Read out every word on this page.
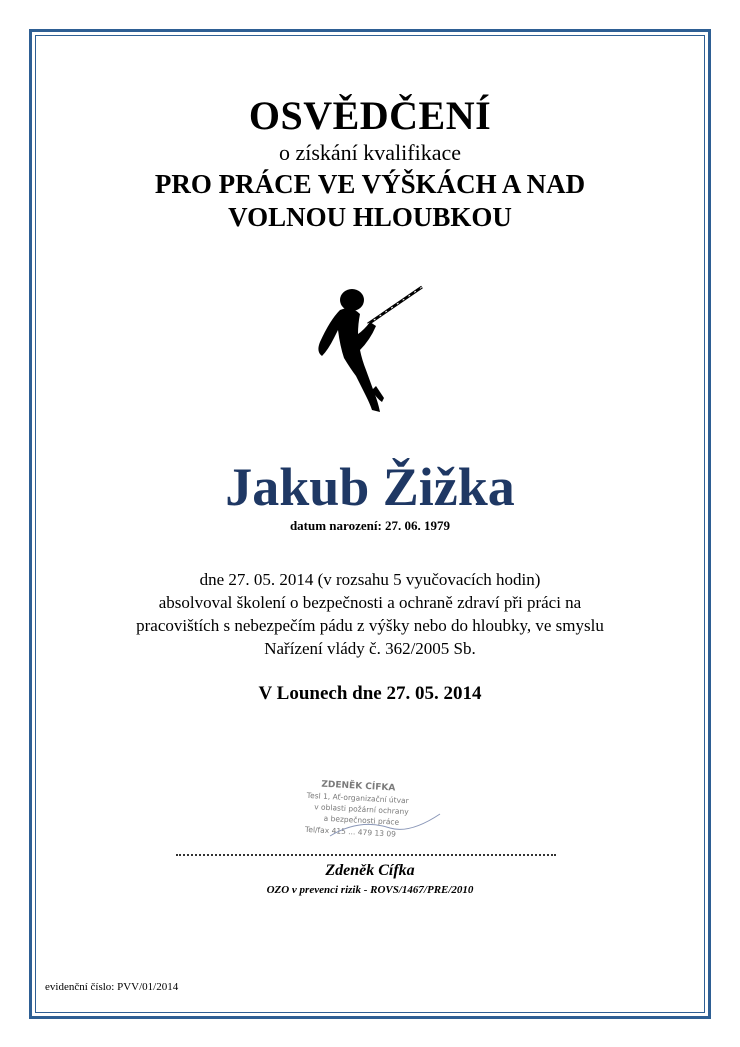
OSVĚDČENÍ
o získání kvalifikace
PRO PRÁCE VE VÝŠKÁCH A NAD
VOLNOU HLOUBKOU
Jakub Žižka
datum narození: 27. 06. 1979
dne 27. 05. 2014 (v rozsahu 5 vyučovacích hodin)
absolvoval školení o bezpečnosti a ochraně zdraví při práci na
pracovištích s nebezpečím pádu z výšky nebo do hloubky, ve smyslu
Nařízení vlády č. 362/2005 Sb.
V Lounech dne 27. 05. 2014
ZDENĚK CÍFKA
Tesl 1, Ať-organizační útvar
v oblasti požární ochrany
a bezpečnosti práce
Tel/fax 415 ... 479 13 09
Zdeněk Cífka
OZO v prevenci rizik - ROVS/1467/PRE/2010
evidenční číslo: PVV/01/2014
